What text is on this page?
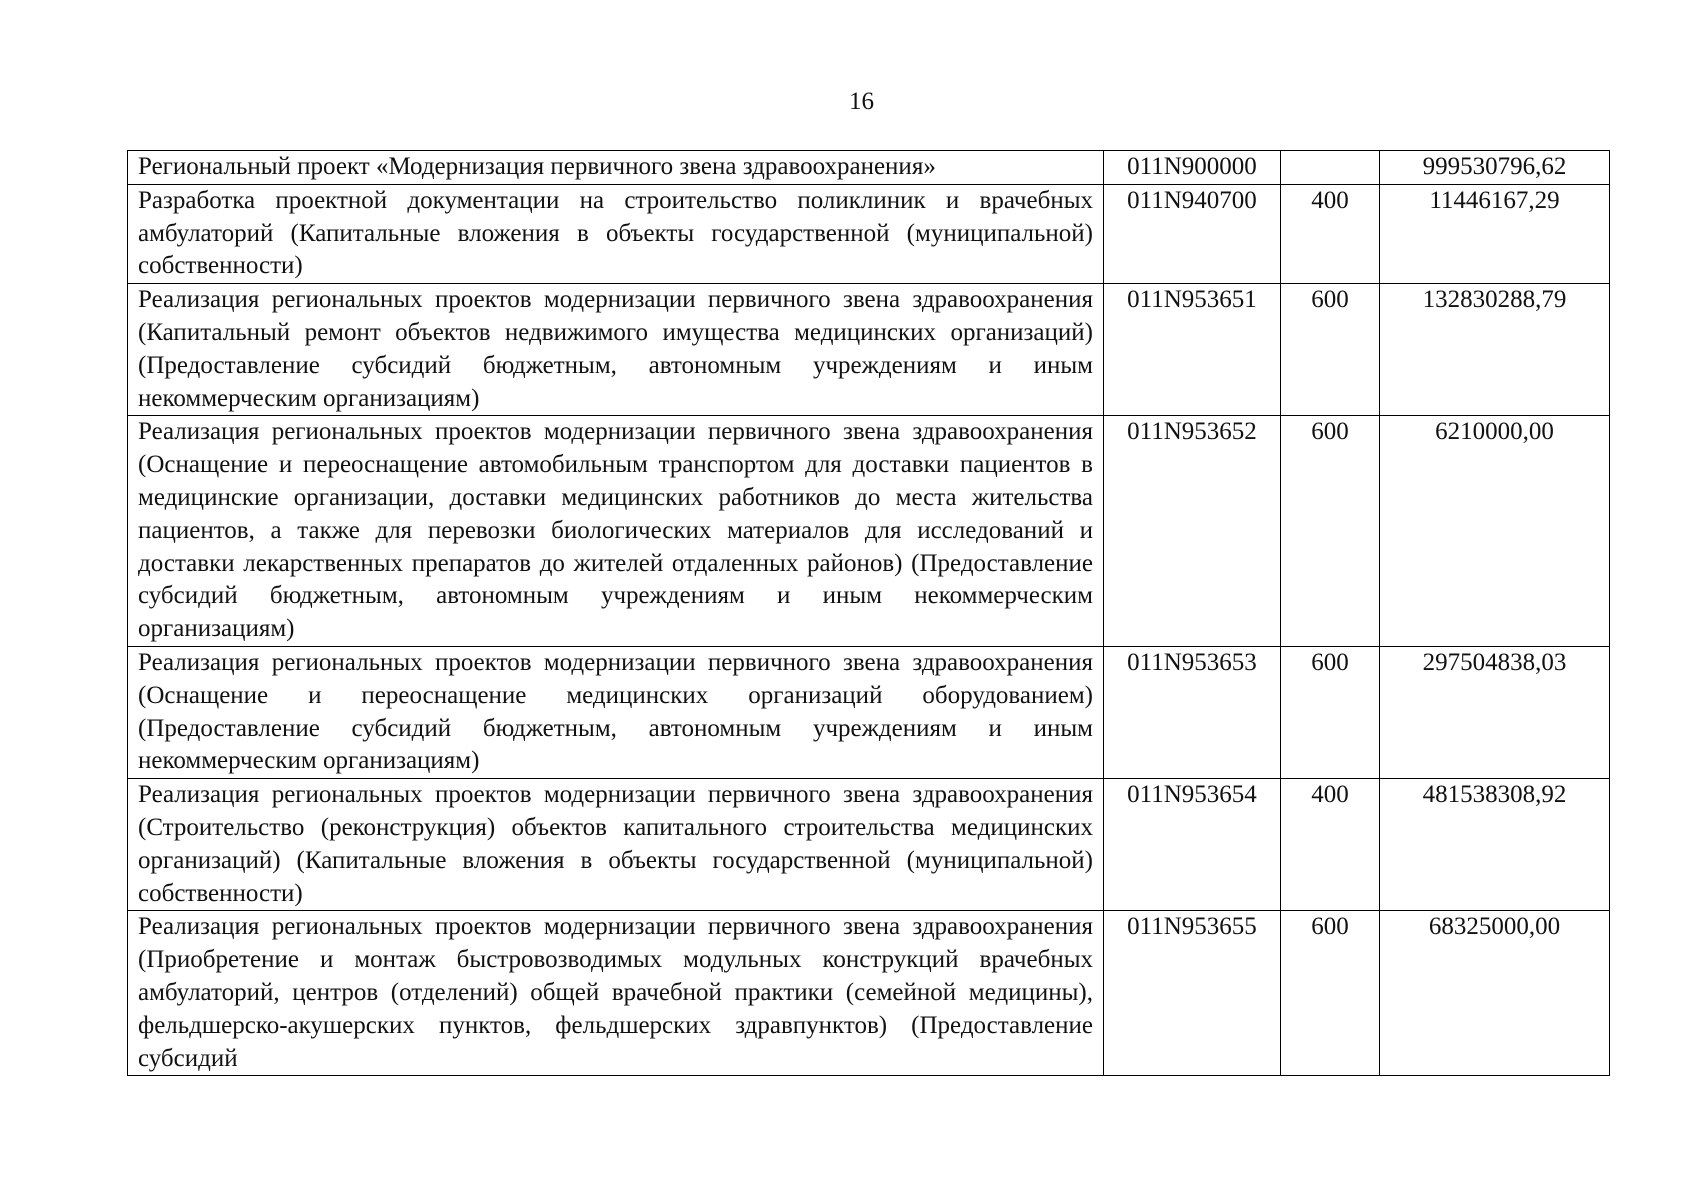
16
Региональный проект «Модернизация первичного звена здравоохранения»	011N900000		999530796,62
Разработка проектной документации на строительство поликлиник и врачебных амбулаторий (Капитальные вложения в объекты государственной (муниципальной) собственности)	011N940700	400	11446167,29
Реализация региональных проектов модернизации первичного звена здравоохранения (Капитальный ремонт объектов недвижимого имущества медицинских организаций) (Предоставление субсидий бюджетным, автономным учреждениям и иным некоммерческим организациям)	011N953651	600	132830288,79
Реализация региональных проектов модернизации первичного звена здравоохранения (Оснащение и переоснащение автомобильным транспортом для доставки пациентов в медицинские организации, доставки медицинских работников до места жительства пациентов, а также для перевозки биологических материалов для исследований и доставки лекарственных препаратов до жителей отдаленных районов) (Предоставление субсидий бюджетным, автономным учреждениям и иным некоммерческим организациям)	011N953652	600	6210000,00
Реализация региональных проектов модернизации первичного звена здравоохранения (Оснащение и переоснащение медицинских организаций оборудованием) (Предоставление субсидий бюджетным, автономным учреждениям и иным некоммерческим организациям)	011N953653	600	297504838,03
Реализация региональных проектов модернизации первичного звена здравоохранения (Строительство (реконструкция) объектов капитального строительства медицинских организаций) (Капитальные вложения в объекты государственной (муниципальной) собственности)	011N953654	400	481538308,92
Реализация региональных проектов модернизации первичного звена здравоохранения (Приобретение и монтаж быстровозводимых модульных конструкций врачебных амбулаторий, центров (отделений) общей врачебной практики (семейной медицины), фельдшерско-акушерских пунктов, фельдшерских здравпунктов) (Предоставление субсидий	011N953655	600	68325000,00
